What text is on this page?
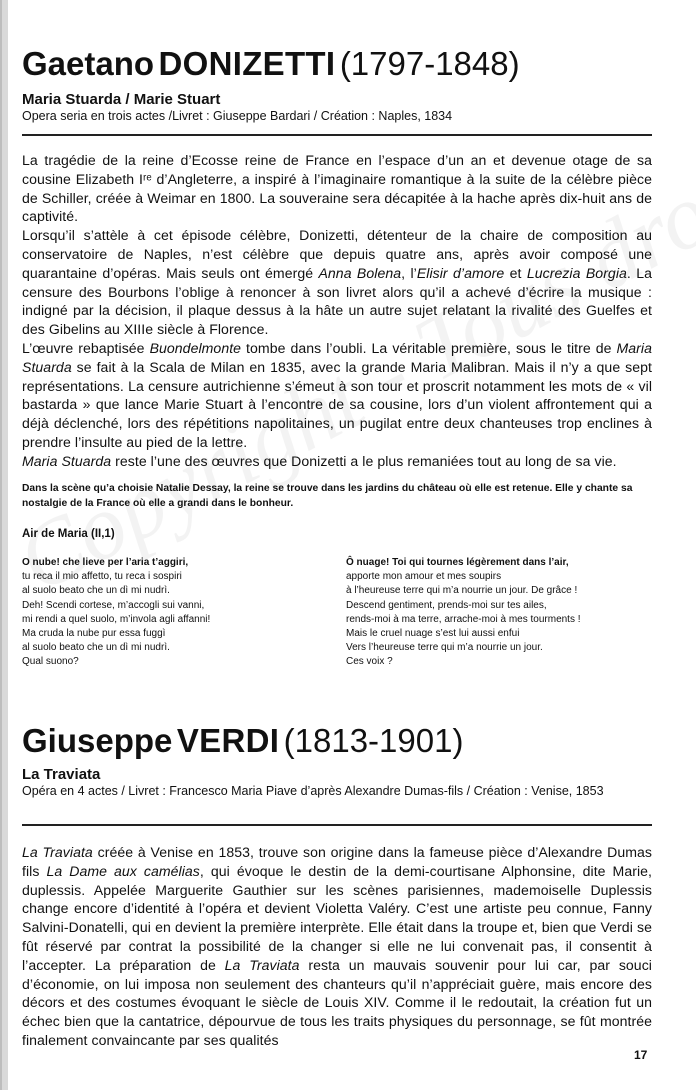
Gaetano DONIZETTI (1797-1848)
Maria Stuarda / Marie Stuart
Opera seria en trois actes /Livret : Giuseppe Bardari / Création : Naples, 1834

La tragédie de la reine d’Ecosse reine de France en l’espace d’un an et devenue otage de sa cousine Elizabeth Iʳᵉ d’Angleterre, a inspiré à l’imaginaire romantique à la suite de la célèbre pièce de Schiller, créée à Weimar en 1800. La souveraine sera décapitée à la hache après dix-huit ans de captivité.

Lorsqu’il s’attèle à cet épisode célèbre, Donizetti, détenteur de la chaire de composition au conservatoire de Naples, n’est célèbre que depuis quatre ans, après avoir composé une quarantaine d’opéras. Mais seuls ont émergé Anna Bolena, l’Elisir d’amore et Lucrezia Borgia. La censure des Bourbons l’oblige à renoncer à son livret alors qu’il a achevé d’écrire la musique : indigné par la décision, il plaque dessus à la hâte un autre sujet relatant la rivalité des Guelfes et des Gibelins au XIIIe siècle à Florence.

L’œuvre rebaptisée Buondelmonte tombe dans l’oubli. La véritable première, sous le titre de Maria Stuarda se fait à la Scala de Milan en 1835, avec la grande Maria Malibran. Mais il n’y a que sept représentations. La censure autrichienne s’émeut à son tour et proscrit notamment les mots de « vil bastarda » que lance Marie Stuart à l’encontre de sa cousine, lors d’un violent affrontement qui a déjà déclenché, lors des répétitions napolitaines, un pugilat entre deux chanteuses trop enclines à prendre l’insulte au pied de la lettre.

Maria Stuarda reste l’une des œuvres que Donizetti a le plus remaniées tout au long de sa vie.

Dans la scène qu’a choisie Natalie Dessay, la reine se trouve dans les jardins du château où elle est retenue. Elle y chante sa nostalgie de la France où elle a grandi dans le bonheur.
Air de Maria (II,1)
O nube! che lieve per l’aria t’aggiri,
tu reca il mio affetto, tu reca i sospiri
al suolo beato che un dì mi nudrì.
Deh! Scendi cortese, m’accogli sui vanni,
mi rendi a quel suolo, m’invola agli affanni!
Ma cruda la nube pur essa fuggì
al suolo beato che un dì mi nudrì.
Qual suono?
Ô nuage! Toi qui tournes légèrement dans l’air,
apporte mon amour et mes soupirs
à l’heureuse terre qui m’a nourrie un jour. De grâce !
Descend gentiment, prends-moi sur tes ailes,
rends-moi à ma terre, arrache-moi à mes tourments !
Mais le cruel nuage s’est lui aussi enfui
Vers l’heureuse terre qui m’a nourrie un jour.
Ces voix ?
Giuseppe VERDI (1813-1901)
La Traviata
Opéra en 4 actes / Livret : Francesco Maria Piave d’après Alexandre Dumas-fils / Création : Venise, 1853

La Traviata créée à Venise en 1853, trouve son origine dans la fameuse pièce d’Alexandre Dumas fils La Dame aux camélias, qui évoque le destin de la demi-courtisane Alphonsine, dite Marie, duplessis. Appelée Marguerite Gauthier sur les scènes parisiennes, mademoiselle Duplessis change encore d’identité à l’opéra et devient Violetta Valéry. C’est une artiste peu connue, Fanny Salvini-Donatelli, qui en devient la première interprète. Elle était dans la troupe et, bien que Verdi se fût réservé par contrat la possibilité de la changer si elle ne lui convenait pas, il consentit à l’accepter. La préparation de La Traviata resta un mauvais souvenir pour lui car, par souci d’économie, on lui imposa non seulement des chanteurs qu’il n’appréciait guère, mais encore des décors et des costumes évoquant le siècle de Louis XIV. Comme il le redoutait, la création fut un échec bien que la cantatrice, dépourvue de tous les traits physiques du personnage, se fût montrée finalement convaincante par ses qualités

17
